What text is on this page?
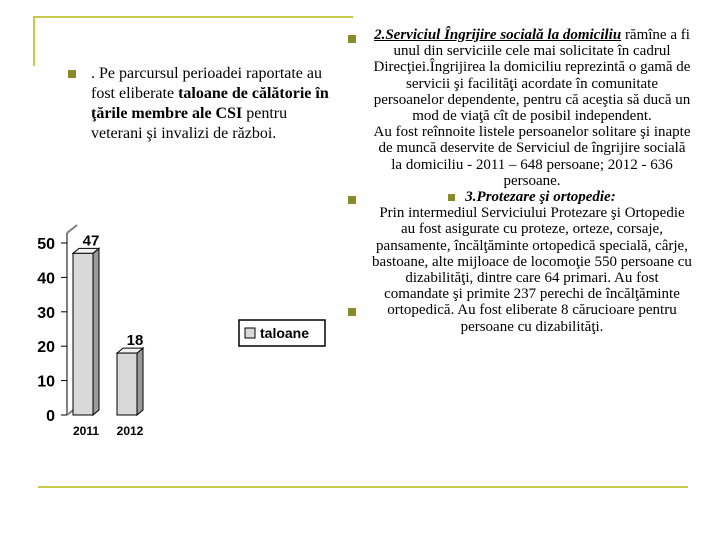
. Pe parcursul perioadei raportate au fost eliberate taloane de călătorie în ţările membre ale CSI pentru veterani şi invalizi de război.

2.Serviciul Îngrijire socială la domiciliu rămîne a fi unul din serviciile cele mai solicitate în cadrul Direcţiei.Îngrijirea la domiciliu reprezintă o gamă de servicii şi facilităţi acordate în comunitate persoanelor dependente, pentru că aceştia să ducă un mod de viaţă cît de posibil independent.

Au fost reînnoite listele persoanelor solitare şi inapte de muncă deservite de Serviciul de îngrijire socială la domiciliu - 2011 – 648 persoane; 2012 - 636 persoane.

3.Protezare şi ortopedie:

Prin intermediul Serviciului Protezare şi Ortopedie au fost asigurate cu proteze, orteze, corsaje, pansamente, încălţăminte ortopedică specială, cârje, bastoane, alte mijloace de locomoţie 550 persoane cu dizabilităţi, dintre care 64 primari. Au fost comandate şi primite 237 perechi de încălţăminte ortopedică. Au fost eliberate 8 cărucioare pentru persoane cu dizabilităţi.

0
10
20
30
40
50 47
18
2011 2012
taloane
